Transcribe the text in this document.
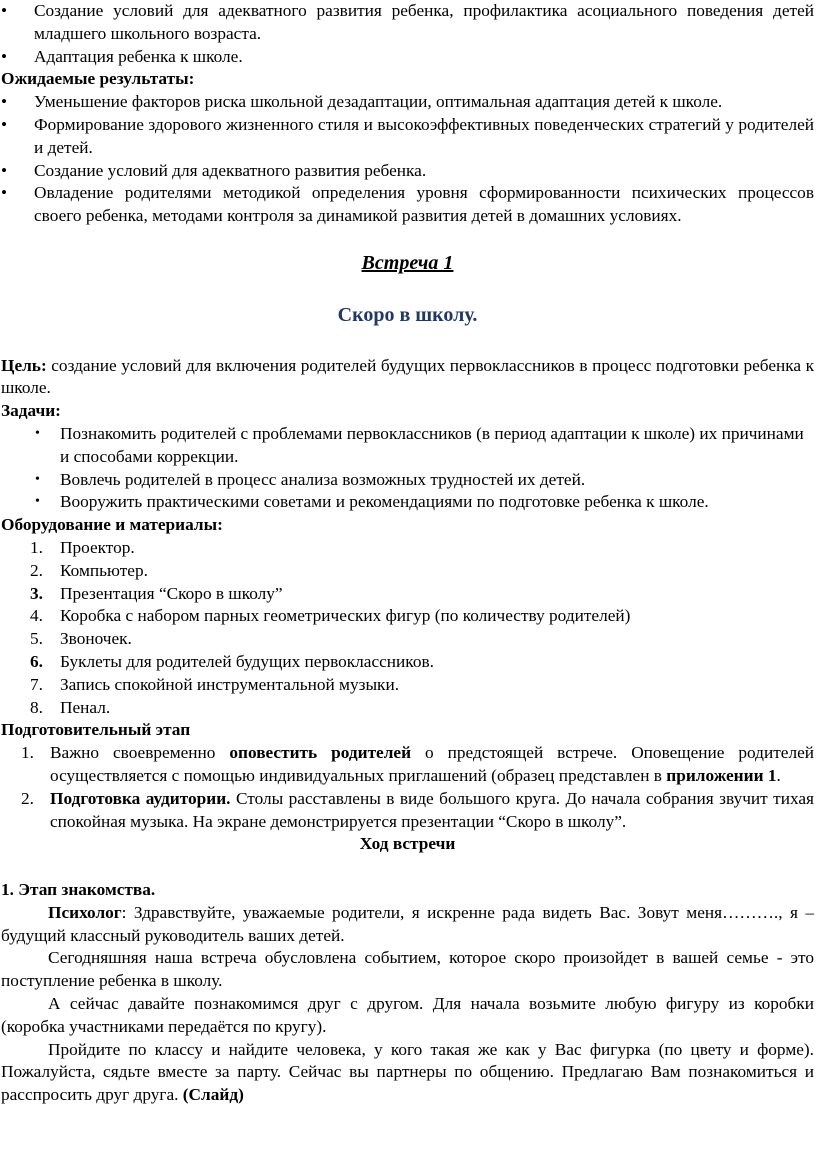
• Создание условий для адекватного развития ребенка, профилактика асоциального поведения детей младшего школьного возраста.

• Адаптация ребенка к школе.

Ожидаемые результаты:

• Уменьшение факторов риска школьной дезадаптации, оптимальная адаптация детей к школе.

• Формирование здорового жизненного стиля и высокоэффективных поведенческих стратегий у родителей и детей.

• Создание условий для адекватного развития ребенка.

• Овладение родителями методикой определения уровня сформированности психических процессов своего ребенка, методами контроля за динамикой развития детей в домашних условиях.

Встреча 1

Скоро в школу.

Цель: создание условий для включения родителей будущих первоклассников в процесс подготовки ребенка к школе.

Задачи:

• Познакомить родителей с проблемами первоклассников (в период адаптации к школе) их причинами и способами коррекции.
• Вовлечь родителей в процесс анализа возможных трудностей их детей.
• Вооружить практическими советами и рекомендациями по подготовке ребенка к школе.

Оборудование и материалы:

1. Проектор.
2. Компьютер.
3. Презентация “Скоро в школу”
4. Коробка с набором парных геометрических фигур (по количеству родителей)
5. Звоночек.
6. Буклеты для родителей будущих первоклассников.
7. Запись спокойной инструментальной музыки.
8. Пенал.

Подготовительный этап

1. Важно своевременно оповестить родителей о предстоящей встрече. Оповещение родителей осуществляется с помощью индивидуальных приглашений (образец представлен в приложении 1.
2. Подготовка аудитории. Столы расставлены в виде большого круга. До начала собрания звучит тихая спокойная музыка. На экране демонстрируется презентации “Скоро в школу”.

Ход встречи

1. Этап знакомства.

Психолог: Здравствуйте, уважаемые родители, я искренне рада видеть Вас. Зовут меня………., я – будущий классный руководитель ваших детей.

Сегодняшняя наша встреча обусловлена событием, которое скоро произойдет в вашей семье - это поступление ребенка в школу.

А сейчас давайте познакомимся друг с другом. Для начала возьмите любую фигуру из коробки (коробка участниками передаётся по кругу).

Пройдите по классу и найдите человека, у кого такая же как у Вас фигурка (по цвету и форме). Пожалуйста, сядьте вместе за парту. Сейчас вы партнеры по общению. Предлагаю Вам познакомиться и расспросить друг друга. (Слайд)
